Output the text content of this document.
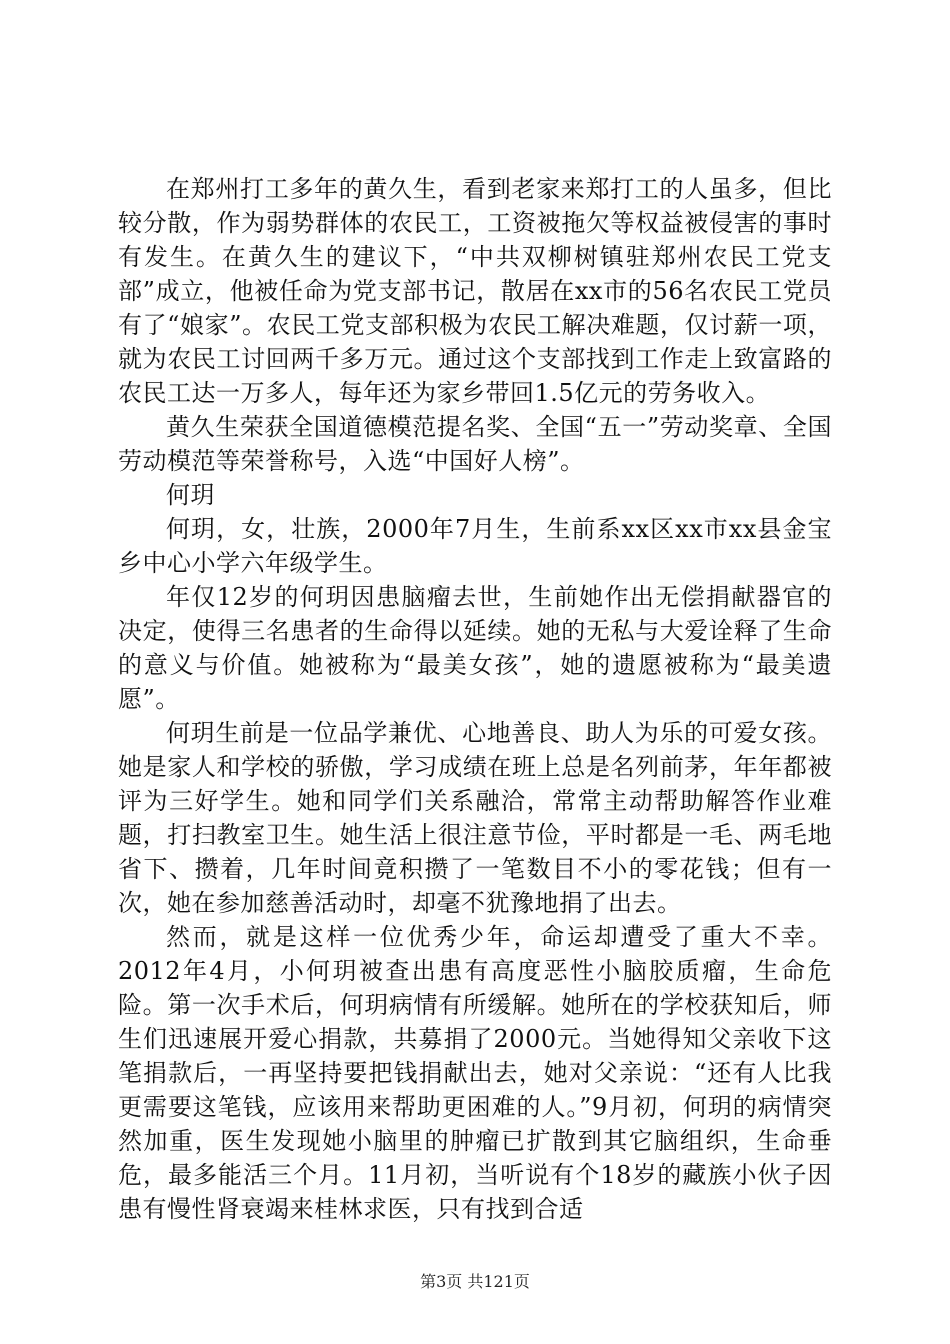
在郑州打工多年的黄久生，看到老家来郑打工的人虽多，但比较分散，作为弱势群体的农民工，工资被拖欠等权益被侵害的事时有发生。在黄久生的建议下，“中共双柳树镇驻郑州农民工党支部”成立，他被任命为党支部书记，散居在xx市的56名农民工党员有了“娘家”。农民工党支部积极为农民工解决难题，仅讨薪一项，就为农民工讨回两千多万元。通过这个支部找到工作走上致富路的农民工达一万多人，每年还为家乡带回1.5亿元的劳务收入。

黄久生荣获全国道德模范提名奖、全国“五一”劳动奖章、全国劳动模范等荣誉称号，入选“中国好人榜”。

何玥

何玥，女，壮族，2000年7月生，生前系xx区xx市xx县金宝乡中心小学六年级学生。

年仅12岁的何玥因患脑瘤去世，生前她作出无偿捐献器官的决定，使得三名患者的生命得以延续。她的无私与大爱诠释了生命的意义与价值。她被称为“最美女孩”，她的遗愿被称为“最美遗愿”。

何玥生前是一位品学兼优、心地善良、助人为乐的可爱女孩。她是家人和学校的骄傲，学习成绩在班上总是名列前茅，年年都被评为三好学生。她和同学们关系融洽，常常主动帮助解答作业难题，打扫教室卫生。她生活上很注意节俭，平时都是一毛、两毛地省下、攒着，几年时间竟积攒了一笔数目不小的零花钱；但有一次，她在参加慈善活动时，却毫不犹豫地捐了出去。

然而，就是这样一位优秀少年，命运却遭受了重大不幸。2012年4月，小何玥被查出患有高度恶性小脑胶质瘤，生命危险。第一次手术后，何玥病情有所缓解。她所在的学校获知后，师生们迅速展开爱心捐款，共募捐了2000元。当她得知父亲收下这笔捐款后，一再坚持要把钱捐献出去，她对父亲说：“还有人比我更需要这笔钱，应该用来帮助更困难的人。”9月初，何玥的病情突然加重，医生发现她小脑里的肿瘤已扩散到其它脑组织，生命垂危，最多能活三个月。11月初，当听说有个18岁的藏族小伙子因患有慢性肾衰竭来桂林求医，只有找到合适

第3页 共121页
